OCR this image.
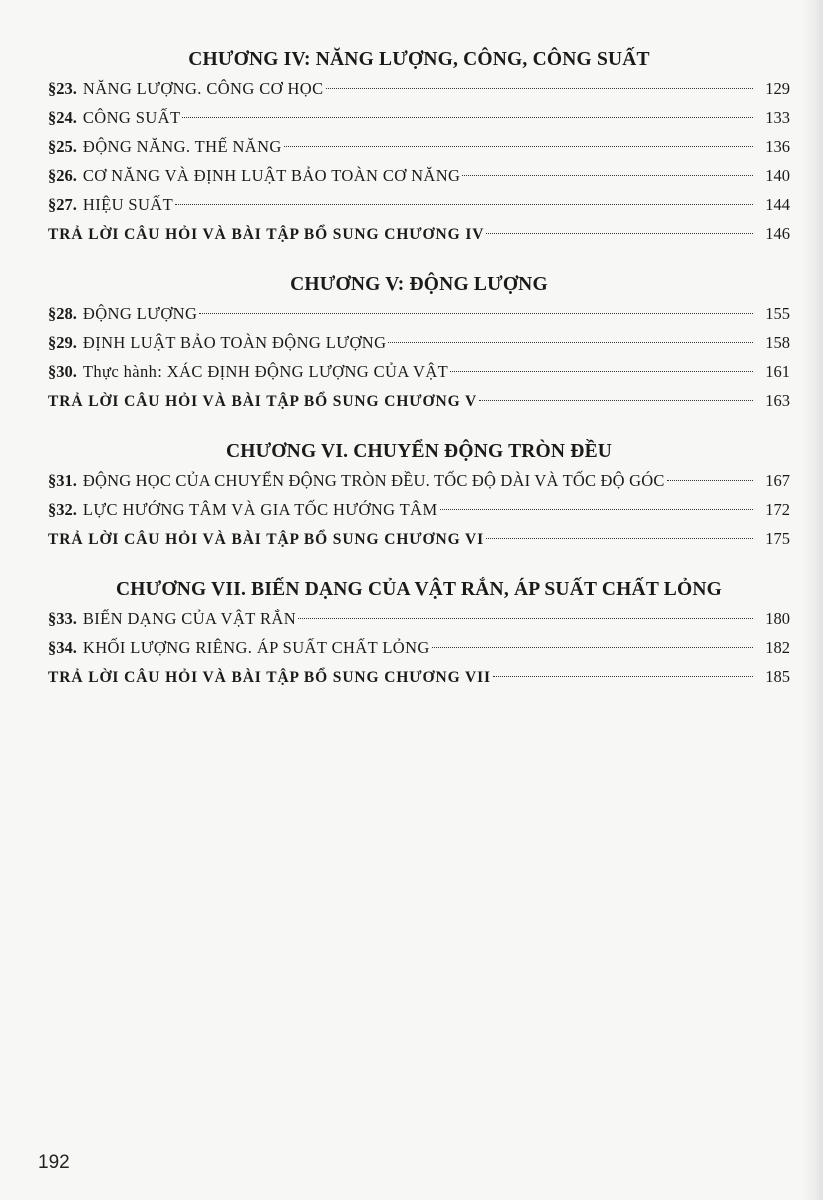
CHƯƠNG IV: NĂNG LƯỢNG, CÔNG, CÔNG SUẤT
§23. NĂNG LƯỢNG. CÔNG CƠ HỌC	129
§24. CÔNG SUẤT	133
§25. ĐỘNG NĂNG. THẾ NĂNG	136
§26. CƠ NĂNG VÀ ĐỊNH LUẬT BẢO TOÀN CƠ NĂNG	140
§27. HIỆU SUẤT	144
TRẢ LỜI CÂU HỎI VÀ BÀI TẬP BỔ SUNG CHƯƠNG IV	146
CHƯƠNG V: ĐỘNG LƯỢNG
§28. ĐỘNG LƯỢNG	155
§29. ĐỊNH LUẬT BẢO TOÀN ĐỘNG LƯỢNG	158
§30. Thực hành: XÁC ĐỊNH ĐỘNG LƯỢNG CỦA VẬT	161
TRẢ LỜI CÂU HỎI VÀ BÀI TẬP BỔ SUNG CHƯƠNG V	163
CHƯƠNG VI. CHUYỂN ĐỘNG TRÒN ĐỀU
§31. ĐỘNG HỌC CỦA CHUYỂN ĐỘNG TRÒN ĐỀU. TỐC ĐỘ DÀI VÀ TỐC ĐỘ GÓC	167
§32. LỰC HƯỚNG TÂM VÀ GIA TỐC HƯỚNG TÂM	172
TRẢ LỜI CÂU HỎI VÀ BÀI TẬP BỔ SUNG CHƯƠNG VI	175
CHƯƠNG VII. BIẾN DẠNG CỦA VẬT RẮN, ÁP SUẤT CHẤT LỎNG
§33. BIẾN DẠNG CỦA VẬT RẮN	180
§34. KHỐI LƯỢNG RIÊNG. ÁP SUẤT CHẤT LỎNG	182
TRẢ LỜI CÂU HỎI VÀ BÀI TẬP BỔ SUNG CHƯƠNG VII	185
192
